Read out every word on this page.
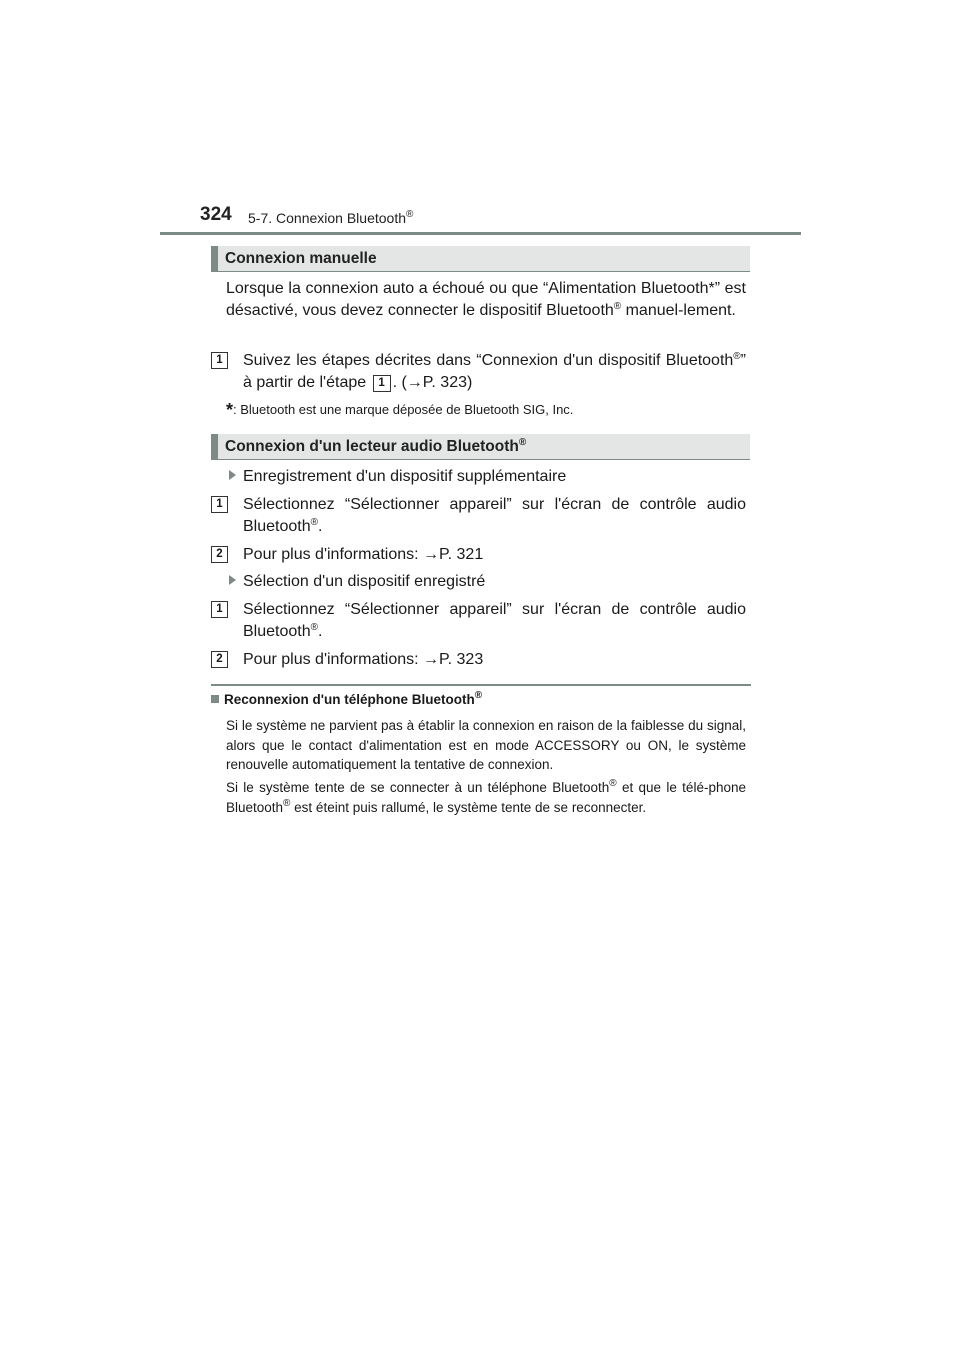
324 5-7. Connexion Bluetooth®
Connexion manuelle
Lorsque la connexion auto a échoué ou que “Alimentation Bluetooth*” est désactivé, vous devez connecter le dispositif Bluetooth® manuel-lement.
1	Suivez les étapes décrites dans “Connexion d'un dispositif Bluetooth®” à partir de l'étape 1 . (→P. 323)
*: Bluetooth est une marque déposée de Bluetooth SIG, Inc.
Connexion d'un lecteur audio Bluetooth®
Enregistrement d'un dispositif supplémentaire
1	Sélectionnez “Sélectionner appareil” sur l'écran de contrôle audio Bluetooth®.
2	Pour plus d'informations: →P. 321
Sélection d'un dispositif enregistré
1	Sélectionnez “Sélectionner appareil” sur l'écran de contrôle audio Bluetooth®.
2	Pour plus d'informations: →P. 323
Reconnexion d'un téléphone Bluetooth®
Si le système ne parvient pas à établir la connexion en raison de la faiblesse du signal, alors que le contact d'alimentation est en mode ACCESSORY ou ON, le système renouvelle automatiquement la tentative de connexion.
Si le système tente de se connecter à un téléphone Bluetooth® et que le télé-phone Bluetooth® est éteint puis rallumé, le système tente de se reconnecter.
